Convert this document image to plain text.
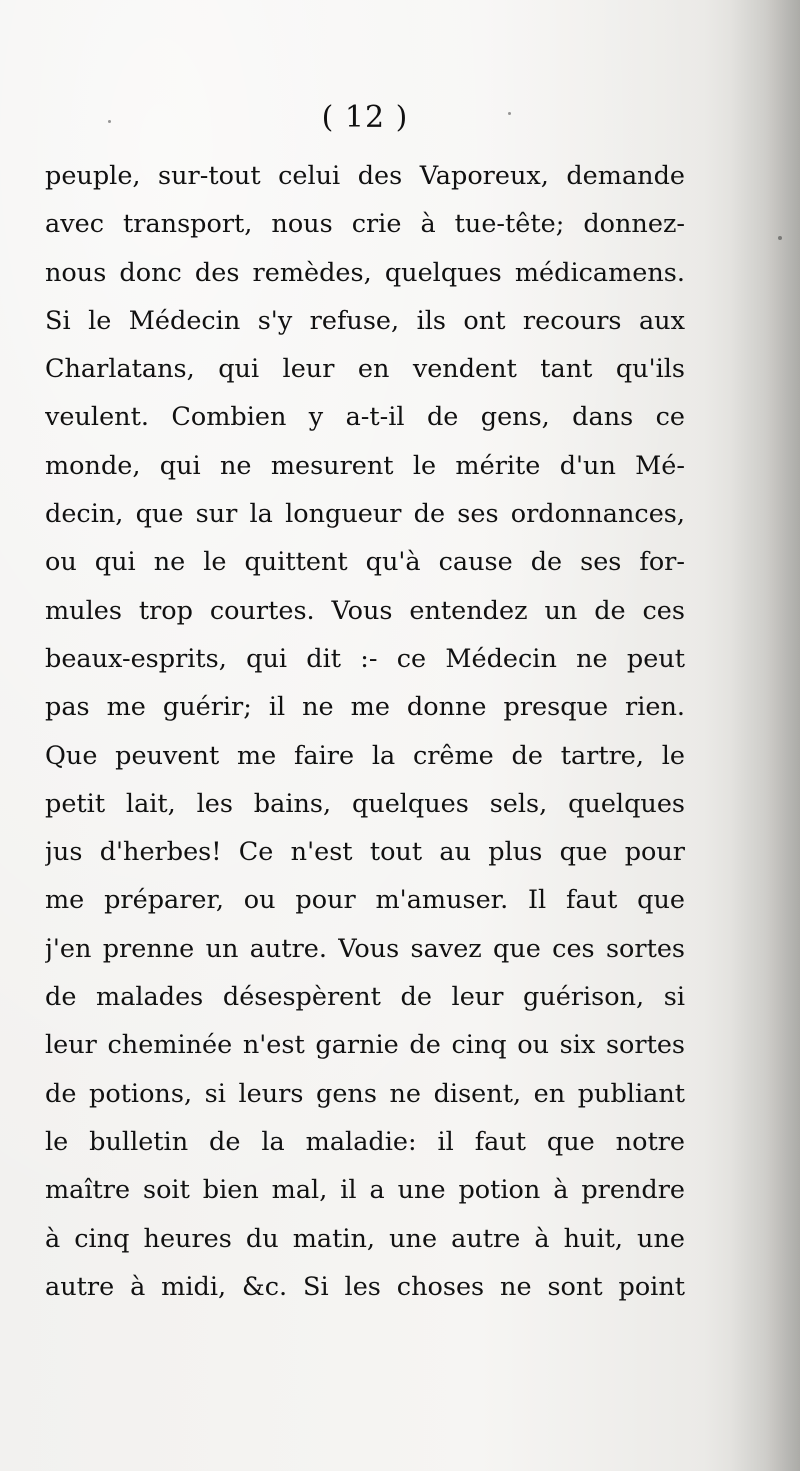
( 12 )
peuple, sur-tout celui des Vaporeux, demande
avec transport, nous crie à tue-tête; donnez-
nous donc des remèdes, quelques médicamens.
Si le Médecin s'y refuse, ils ont recours aux
Charlatans, qui leur en vendent tant qu'ils
veulent. Combien y a-t-il de gens, dans ce
monde, qui ne mesurent le mérite d'un Mé-
decin, que sur la longueur de ses ordonnances,
ou qui ne le quittent qu'à cause de ses for-
mules trop courtes. Vous entendez un de ces
beaux-esprits, qui dit :- ce Médecin ne peut
pas me guérir; il ne me donne presque rien.
Que peuvent me faire la crême de tartre, le
petit lait, les bains, quelques sels, quelques
jus d'herbes! Ce n'est tout au plus que pour
me préparer, ou pour m'amuser. Il faut que
j'en prenne un autre. Vous savez que ces sortes
de malades désespèrent de leur guérison, si
leur cheminée n'est garnie de cinq ou six sortes
de potions, si leurs gens ne disent, en publiant
le bulletin de la maladie: il faut que notre
maître soit bien mal, il a une potion à prendre
à cinq heures du matin, une autre à huit, une
autre à midi, &c. Si les choses ne sont point
